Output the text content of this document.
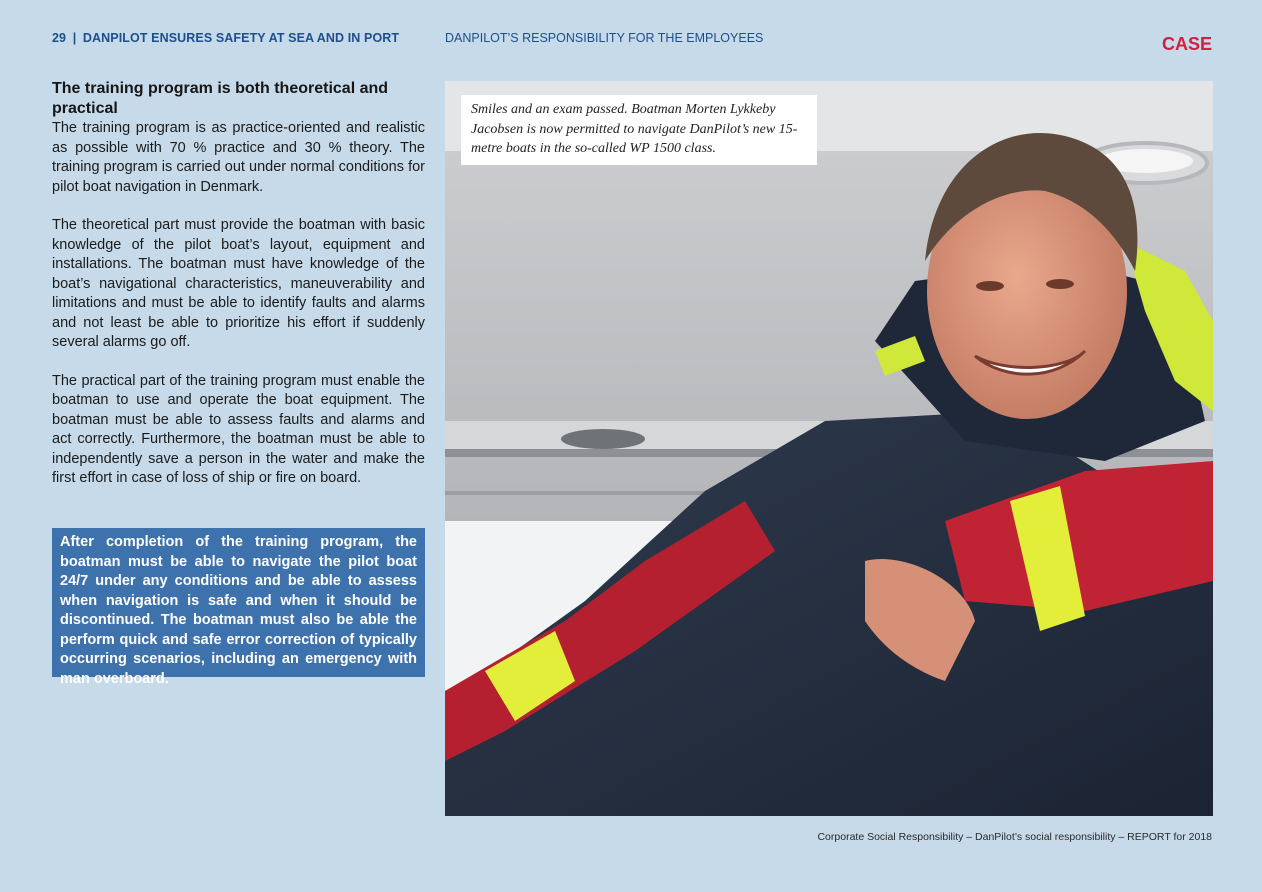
29 | DANPILOT ENSURES SAFETY AT SEA AND IN PORT	DANPILOT’S RESPONSIBILITY FOR THE EMPLOYEES	CASE
The training program is both theoretical and practical

The training program is as practice-oriented and realistic as possible with 70 % practice and 30 % theory. The training program is carried out under normal conditions for pilot boat navigation in Denmark.

The theoretical part must provide the boatman with basic knowledge of the pilot boat’s layout, equipment and installations. The boatman must have knowledge of the boat’s navigational characteristics, maneuverability and limitations and must be able to identify faults and alarms and not least be able to prioritize his effort if suddenly several alarms go off.

The practical part of the training program must enable the boatman to use and operate the boat equipment. The boatman must be able to assess faults and alarms and act correctly. Furthermore, the boatman must be able to independently save a person in the water and make the first effort in case of loss of ship or fire on board.

After completion of the training program, the boatman must be able to navigate the pilot boat 24/7 under any conditions and be able to assess when navigation is safe and when it should be discontinued. The boatman must also be able the perform quick and safe error correction of typically occurring scenarios, including an emergency with man overboard.
Smiles and an exam passed. Boatman Morten Lykkeby Jacobsen is now permitted to navigate DanPilot’s new 15- metre boats in the so-called WP 1500 class.
Corporate Social Responsibility – DanPilot’s social responsibility – REPORT for 2018
